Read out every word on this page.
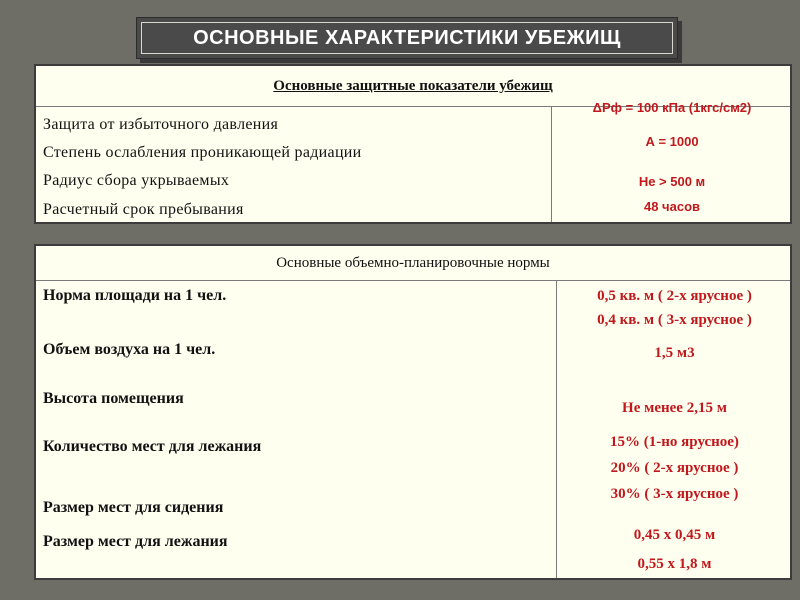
ОСНОВНЫЕ ХАРАКТЕРИСТИКИ УБЕЖИЩ
Основные защитные показатели убежищ
Защита от избыточного давления
Степень ослабления проникающей радиации
Радиус сбора укрываемых
Расчетный срок пребывания
ΔРф = 100 кПа (1кгс/см2)
А = 1000
Не > 500 м
48 часов
Основные объемно-планировочные нормы
Норма площади на 1 чел.
Объем воздуха на 1 чел.
Высота помещения
Количество мест для лежания
Размер мест для сидения
Размер мест для лежания
0,5 кв. м ( 2-х ярусное )
0,4 кв. м ( 3-х ярусное )
1,5 м3
Не менее 2,15 м
15% (1-но ярусное)
20% ( 2-х ярусное )
30% ( 3-х ярусное )
0,45 х 0,45 м
0,55 х 1,8 м
